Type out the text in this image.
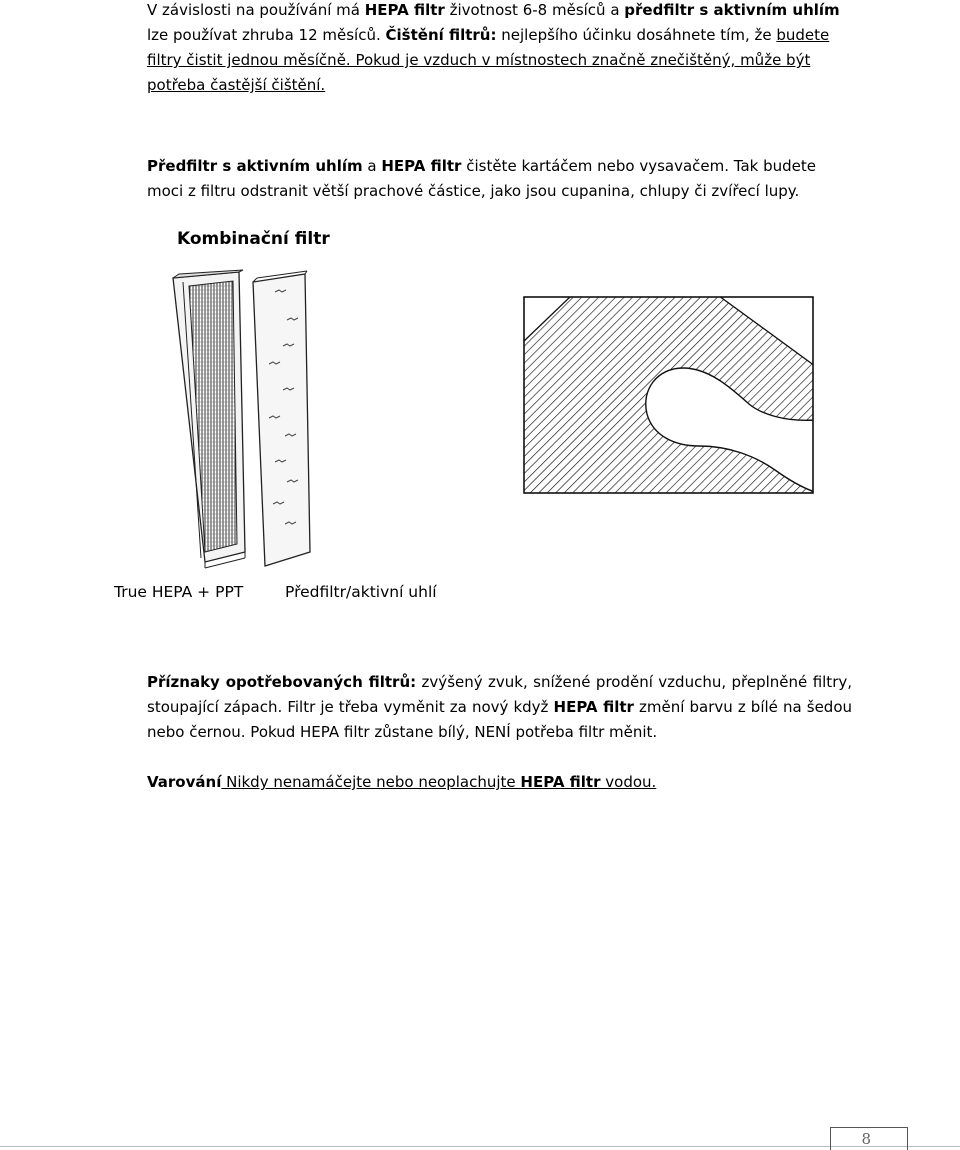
V závislosti na používání má HEPA filtr životnost 6-8 měsíců a předfiltr s aktivním uhlím lze používat zhruba 12 měsíců. Čištění filtrů: nejlepšího účinku dosáhnete tím, že budete filtry čistit jednou měsíčně. Pokud je vzduch v místnostech značně znečištěný, může být potřeba častější čištění.
Předfiltr s aktivním uhlím a HEPA filtr čistěte kartáčem nebo vysavačem. Tak budete moci z filtru odstranit větší prachové částice, jako jsou cupanina, chlupy či zvířecí lupy.
Kombinační filtr
True HEPA + PPT	Předfiltr/aktivní uhlí
Příznaky opotřebovaných filtrů: zvýšený zvuk, snížené prodění vzduchu, přeplněné filtry, stoupající zápach. Filtr je třeba vyměnit za nový když HEPA filtr změní barvu z bílé na šedou nebo černou. Pokud HEPA filtr zůstane bílý, NENÍ potřeba filtr měnit.
Varování Nikdy nenamáčejte nebo neoplachujte HEPA filtr vodou.
8
